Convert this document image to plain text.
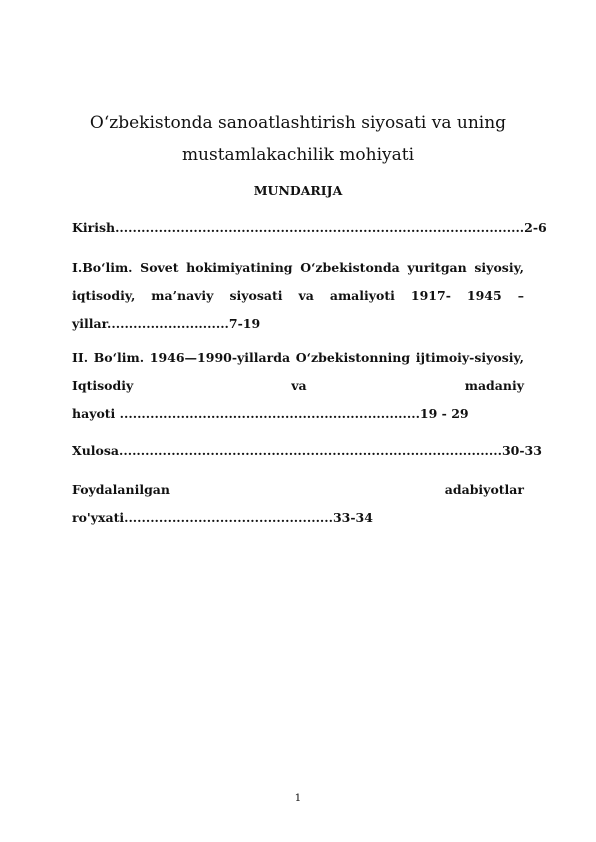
O‘zbekistonda sanoatlashtirish siyosati va uning
mustamlakachilik mohiyati
MUNDARIJA
Kirish..............................................................................................2-6
I.Bo‘lim. Sovet hokimiyatining O‘zbekistonda yuritgan siyosiy,
iqtisodiy, ma’naviy siyosati va amaliyoti 1917- 1945 –
yillar............................7-19
II. Bo‘lim. 1946—1990-yillarda O‘zbekistonning ijtimoiy-siyosiy,
Iqtisodiy	va	madaniy
hayoti .....................................................................19 - 29
Xulosa........................................................................................30-33
Foydalanilgan	adabiyotlar
ro'yxati................................................33-34
1
